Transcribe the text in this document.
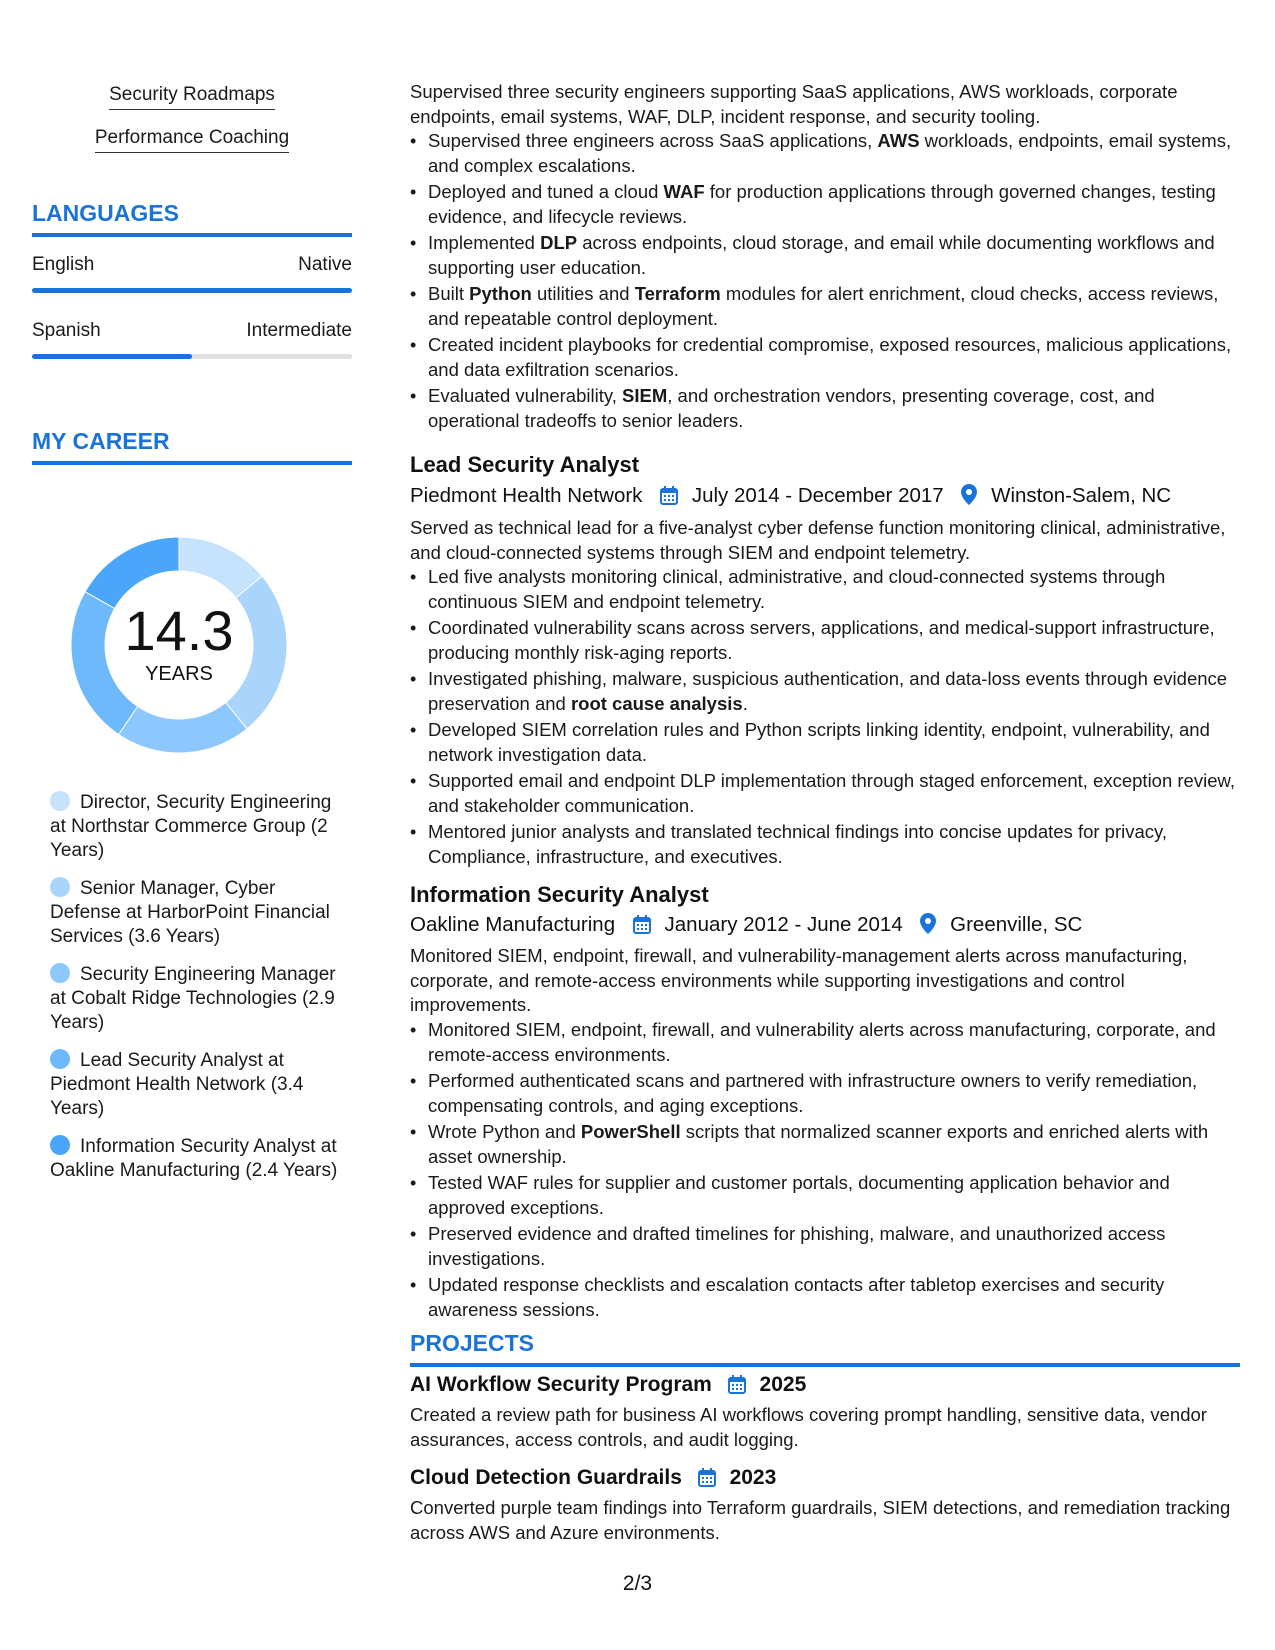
Security Roadmaps
Performance Coaching
LANGUAGES
English	Native
Spanish	Intermediate
MY CAREER
14.3
YEARS
Director, Security Engineering at Northstar Commerce Group (2 Years)
Senior Manager, Cyber Defense at HarborPoint Financial Services (3.6 Years)
Security Engineering Manager at Cobalt Ridge Technologies (2.9 Years)
Lead Security Analyst at Piedmont Health Network (3.4 Years)
Information Security Analyst at Oakline Manufacturing (2.4 Years)
Supervised three security engineers supporting SaaS applications, AWS workloads, corporate endpoints, email systems, WAF, DLP, incident response, and security tooling.
• Supervised three engineers across SaaS applications, AWS workloads, endpoints, email systems, and complex escalations.
• Deployed and tuned a cloud WAF for production applications through governed changes, testing evidence, and lifecycle reviews.
• Implemented DLP across endpoints, cloud storage, and email while documenting workflows and supporting user education.
• Built Python utilities and Terraform modules for alert enrichment, cloud checks, access reviews, and repeatable control deployment.
• Created incident playbooks for credential compromise, exposed resources, malicious applications, and data exfiltration scenarios.
• Evaluated vulnerability, SIEM, and orchestration vendors, presenting coverage, cost, and operational tradeoffs to senior leaders.
Lead Security Analyst
Piedmont Health Network July 2014 - December 2017 Winston-Salem, NC
Served as technical lead for a five-analyst cyber defense function monitoring clinical, administrative, and cloud-connected systems through SIEM and endpoint telemetry.
• Led five analysts monitoring clinical, administrative, and cloud-connected systems through continuous SIEM and endpoint telemetry.
• Coordinated vulnerability scans across servers, applications, and medical-support infrastructure, producing monthly risk-aging reports.
• Investigated phishing, malware, suspicious authentication, and data-loss events through evidence preservation and root cause analysis.
• Developed SIEM correlation rules and Python scripts linking identity, endpoint, vulnerability, and network investigation data.
• Supported email and endpoint DLP implementation through staged enforcement, exception review, and stakeholder communication.
• Mentored junior analysts and translated technical findings into concise updates for privacy, Compliance, infrastructure, and executives.
Information Security Analyst
Oakline Manufacturing January 2012 - June 2014 Greenville, SC
Monitored SIEM, endpoint, firewall, and vulnerability-management alerts across manufacturing, corporate, and remote-access environments while supporting investigations and control improvements.
• Monitored SIEM, endpoint, firewall, and vulnerability alerts across manufacturing, corporate, and remote-access environments.
• Performed authenticated scans and partnered with infrastructure owners to verify remediation, compensating controls, and aging exceptions.
• Wrote Python and PowerShell scripts that normalized scanner exports and enriched alerts with asset ownership.
• Tested WAF rules for supplier and customer portals, documenting application behavior and approved exceptions.
• Preserved evidence and drafted timelines for phishing, malware, and unauthorized access investigations.
• Updated response checklists and escalation contacts after tabletop exercises and security awareness sessions.
PROJECTS
AI Workflow Security Program 2025
Created a review path for business AI workflows covering prompt handling, sensitive data, vendor assurances, access controls, and audit logging.
Cloud Detection Guardrails 2023
Converted purple team findings into Terraform guardrails, SIEM detections, and remediation tracking across AWS and Azure environments.
2/3
